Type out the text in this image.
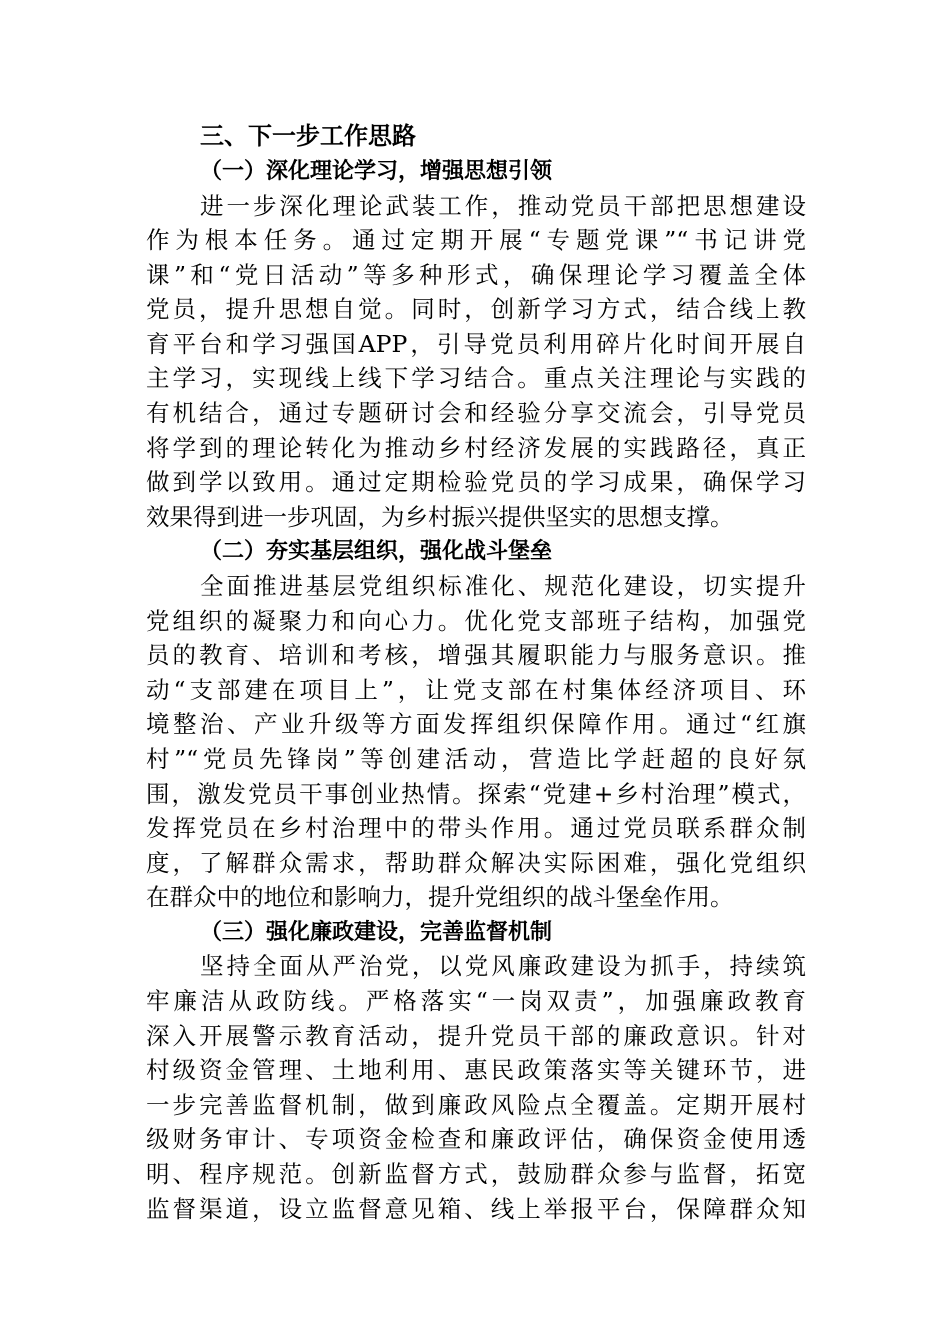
三、下一步工作思路
（一）深化理论学习，增强思想引领
进一步深化理论武装工作，推动党员干部把思想建设
作为根本任务。通过定期开展“专题党课”“书记讲党
课”和“党日活动”等多种形式，确保理论学习覆盖全体
党员，提升思想自觉。同时，创新学习方式，结合线上教
育平台和学习强国APP，引导党员利用碎片化时间开展自
主学习，实现线上线下学习结合。重点关注理论与实践的
有机结合，通过专题研讨会和经验分享交流会，引导党员
将学到的理论转化为推动乡村经济发展的实践路径，真正
做到学以致用。通过定期检验党员的学习成果，确保学习
效果得到进一步巩固，为乡村振兴提供坚实的思想支撑。
（二）夯实基层组织，强化战斗堡垒
全面推进基层党组织标准化、规范化建设，切实提升
党组织的凝聚力和向心力。优化党支部班子结构，加强党
员的教育、培训和考核，增强其履职能力与服务意识。推
动“支部建在项目上”，让党支部在村集体经济项目、环
境整治、产业升级等方面发挥组织保障作用。通过“红旗
村”“党员先锋岗”等创建活动，营造比学赶超的良好氛
围，激发党员干事创业热情。探索“党建+乡村治理”模式，
发挥党员在乡村治理中的带头作用。通过党员联系群众制
度，了解群众需求，帮助群众解决实际困难，强化党组织
在群众中的地位和影响力，提升党组织的战斗堡垒作用。
（三）强化廉政建设，完善监督机制
坚持全面从严治党，以党风廉政建设为抓手，持续筑
牢廉洁从政防线。严格落实“一岗双责”，加强廉政教育
深入开展警示教育活动，提升党员干部的廉政意识。针对
村级资金管理、土地利用、惠民政策落实等关键环节，进
一步完善监督机制，做到廉政风险点全覆盖。定期开展村
级财务审计、专项资金检查和廉政评估，确保资金使用透
明、程序规范。创新监督方式，鼓励群众参与监督，拓宽
监督渠道，设立监督意见箱、线上举报平台，保障群众知
